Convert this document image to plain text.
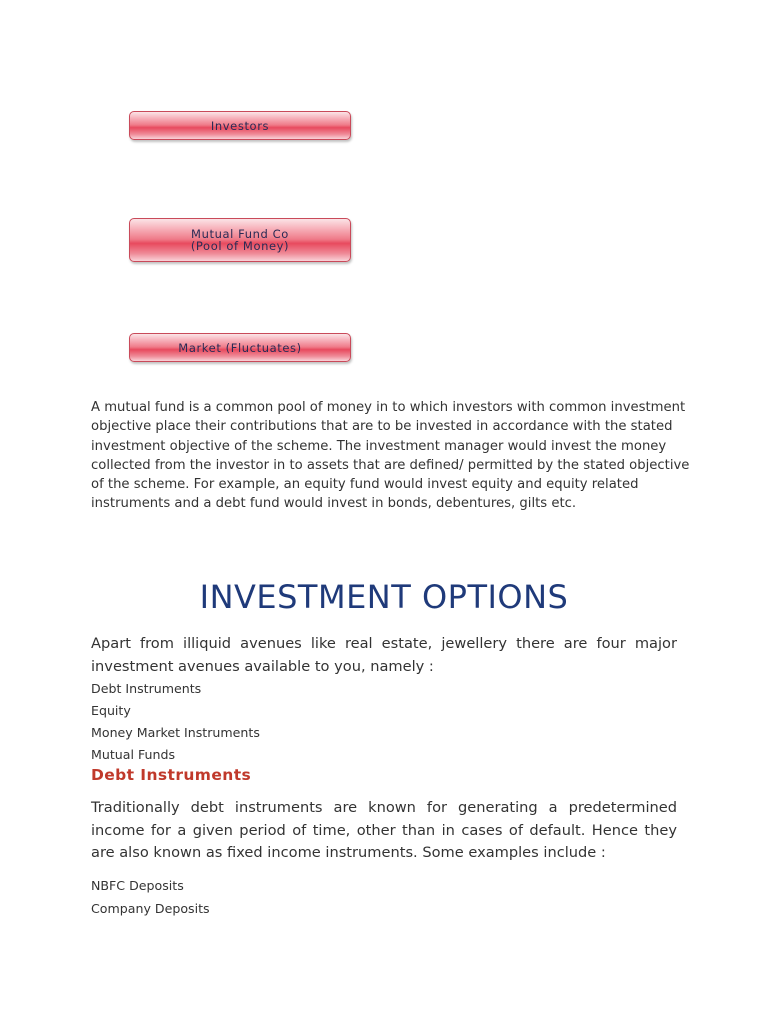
Investors
Mutual Fund Co
(Pool of Money)
Market (Fluctuates)

A mutual fund is a common pool of money in to which investors with common investment objective place their contributions that are to be invested in accordance with the stated investment objective of the scheme. The investment manager would invest the money collected from the investor in to assets that are defined/ permitted by the stated objective of the scheme. For example, an equity fund would invest equity and equity related instruments and a debt fund would invest in bonds, debentures, gilts etc.

INVESTMENT OPTIONS

Apart from illiquid avenues like real estate, jewellery there are four major investment avenues available to you, namely :

Debt Instruments
Equity
Money Market Instruments
Mutual Funds
Debt Instruments

Traditionally debt instruments are known for generating a predetermined income for a given period of time, other than in cases of default. Hence they are also known as fixed income instruments. Some examples include :

NBFC Deposits
Company Deposits
